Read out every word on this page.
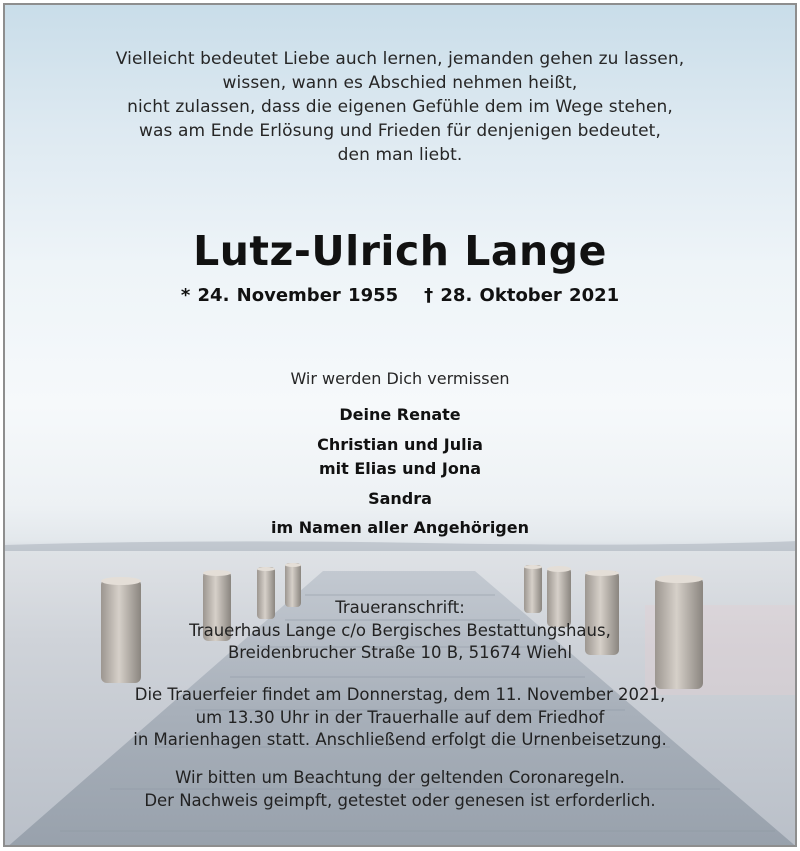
Vielleicht bedeutet Liebe auch lernen, jemanden gehen zu lassen,
wissen, wann es Abschied nehmen heißt,
nicht zulassen, dass die eigenen Gefühle dem im Wege stehen,
was am Ende Erlösung und Frieden für denjenigen bedeutet,
den man liebt.
Lutz-Ulrich Lange
* 24. November 1955 † 28. Oktober 2021
Wir werden Dich vermissen
Deine Renate
Christian und Julia
mit Elias und Jona
Sandra
im Namen aller Angehörigen
Traueranschrift:
Trauerhaus Lange c/o Bergisches Bestattungshaus,
Breidenbrucher Straße 10 B, 51674 Wiehl
Die Trauerfeier findet am Donnerstag, dem 11. November 2021,
um 13.30 Uhr in der Trauerhalle auf dem Friedhof
in Marienhagen statt. Anschließend erfolgt die Urnenbeisetzung.
Wir bitten um Beachtung der geltenden Coronaregeln.
Der Nachweis geimpft, getestet oder genesen ist erforderlich.
